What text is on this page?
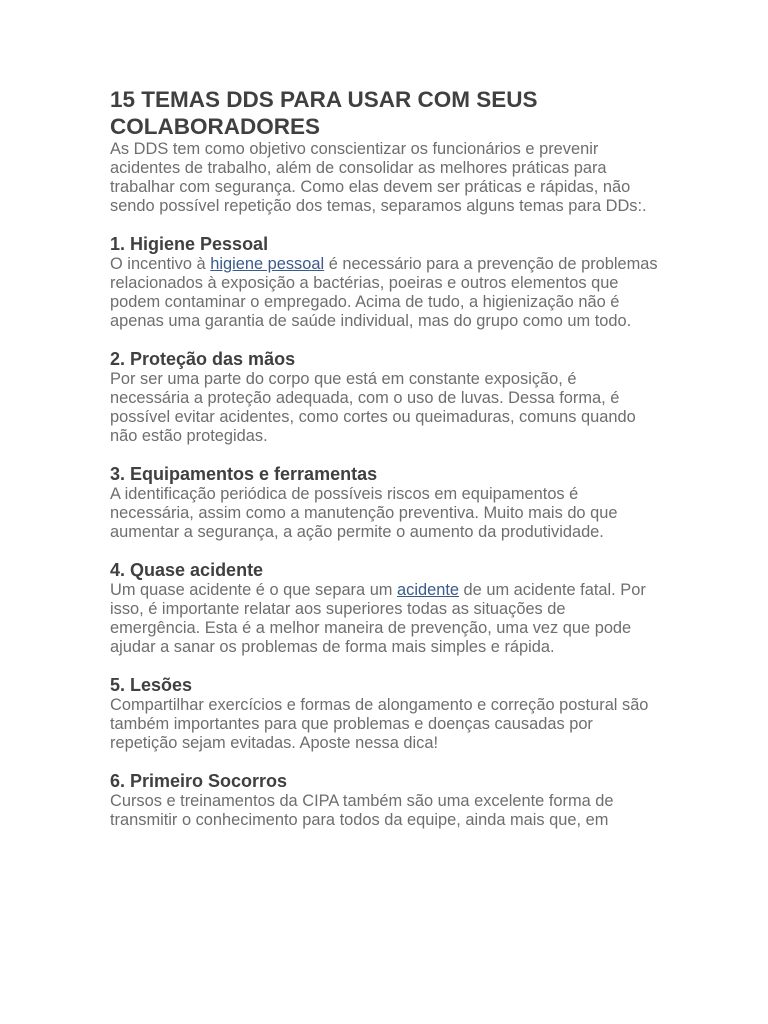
15 TEMAS DDS PARA USAR COM SEUS COLABORADORES

As DDS tem como objetivo conscientizar os funcionários e prevenir acidentes de trabalho, além de consolidar as melhores práticas para trabalhar com segurança. Como elas devem ser práticas e rápidas, não sendo possível repetição dos temas, separamos alguns temas para DDs:.

1. Higiene Pessoal

O incentivo à higiene pessoal é necessário para a prevenção de problemas relacionados à exposição a bactérias, poeiras e outros elementos que podem contaminar o empregado. Acima de tudo, a higienização não é apenas uma garantia de saúde individual, mas do grupo como um todo.

2. Proteção das mãos

Por ser uma parte do corpo que está em constante exposição, é necessária a proteção adequada, com o uso de luvas. Dessa forma, é possível evitar acidentes, como cortes ou queimaduras, comuns quando não estão protegidas.

3. Equipamentos e ferramentas

A identificação periódica de possíveis riscos em equipamentos é necessária, assim como a manutenção preventiva. Muito mais do que aumentar a segurança, a ação permite o aumento da produtividade.

4. Quase acidente

Um quase acidente é o que separa um acidente de um acidente fatal. Por isso, é importante relatar aos superiores todas as situações de emergência. Esta é a melhor maneira de prevenção, uma vez que pode ajudar a sanar os problemas de forma mais simples e rápida.

5. Lesões

Compartilhar exercícios e formas de alongamento e correção postural são também importantes para que problemas e doenças causadas por repetição sejam evitadas. Aposte nessa dica!

6. Primeiro Socorros

Cursos e treinamentos da CIPA também são uma excelente forma de transmitir o conhecimento para todos da equipe, ainda mais que, em
